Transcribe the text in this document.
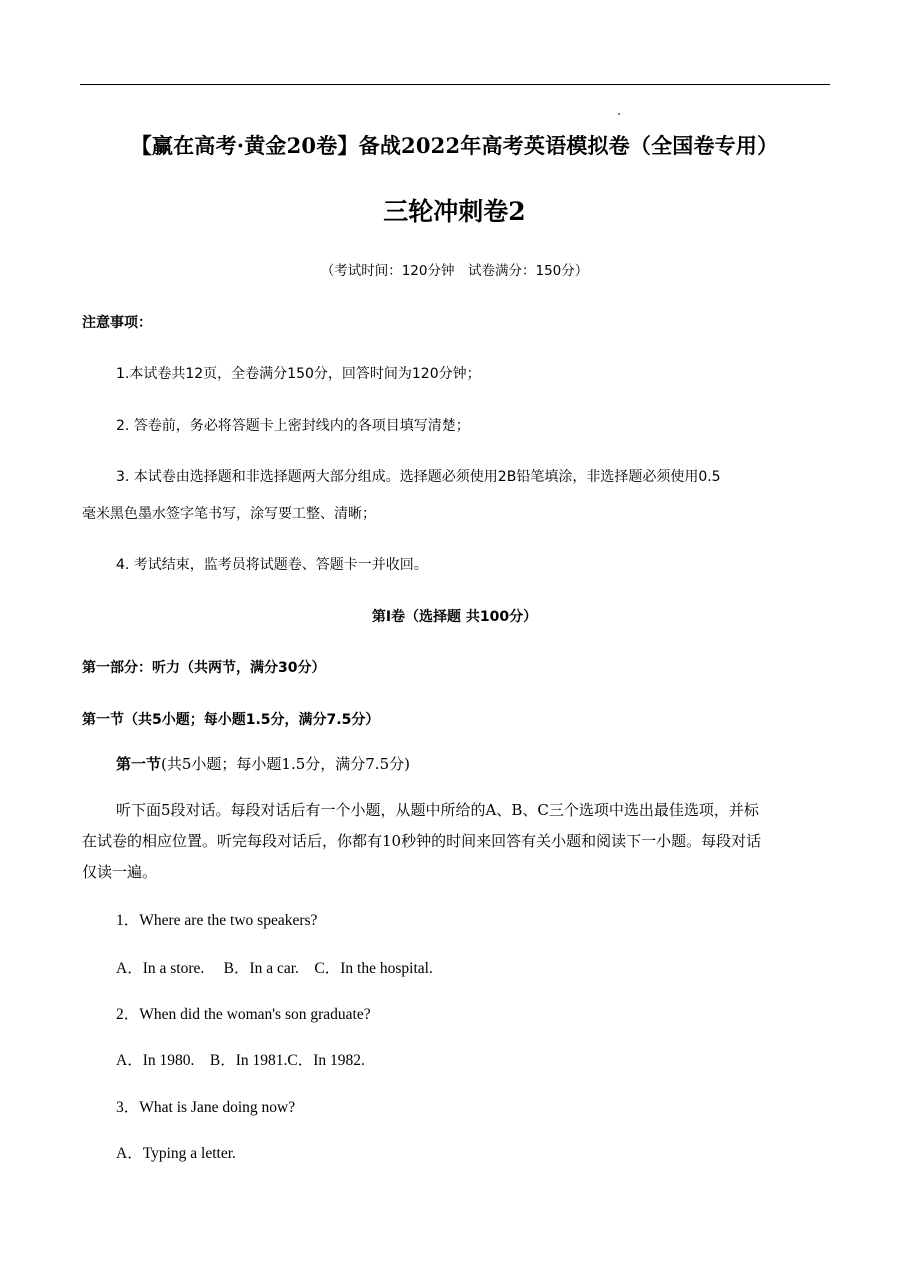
【赢在高考·黄金20卷】备战2022年高考英语模拟卷（全国卷专用）
三轮冲刺卷2
（考试时间：120分钟　试卷满分：150分）
注意事项：
1.本试卷共12页，全卷满分150分，回答时间为120分钟；
2. 答卷前，务必将答题卡上密封线内的各项目填写清楚；
3. 本试卷由选择题和非选择题两大部分组成。选择题必须使用2B铅笔填涂，非选择题必须使用0.5
毫米黑色墨水签字笔书写，涂写要工整、清晰；
4. 考试结束，监考员将试题卷、答题卡一并收回。
第I卷（选择题 共100分）
第一部分：听力（共两节，满分30分）
第一节（共5小题；每小题1.5分，满分7.5分）
第一节(共5小题；每小题1.5分，满分7.5分)
听下面5段对话。每段对话后有一个小题，从题中所给的A、B、C三个选项中选出最佳选项，并标
在试卷的相应位置。听完每段对话后，你都有10秒钟的时间来回答有关小题和阅读下一小题。每段对话
仅读一遍。
1．Where are the two speakers?
A．In a store.　 B．In a car.　C．In the hospital.
2．When did the woman's son graduate?
A．In 1980.　B．In 1981.C．In 1982.
3．What is Jane doing now?
A．Typing a letter.
